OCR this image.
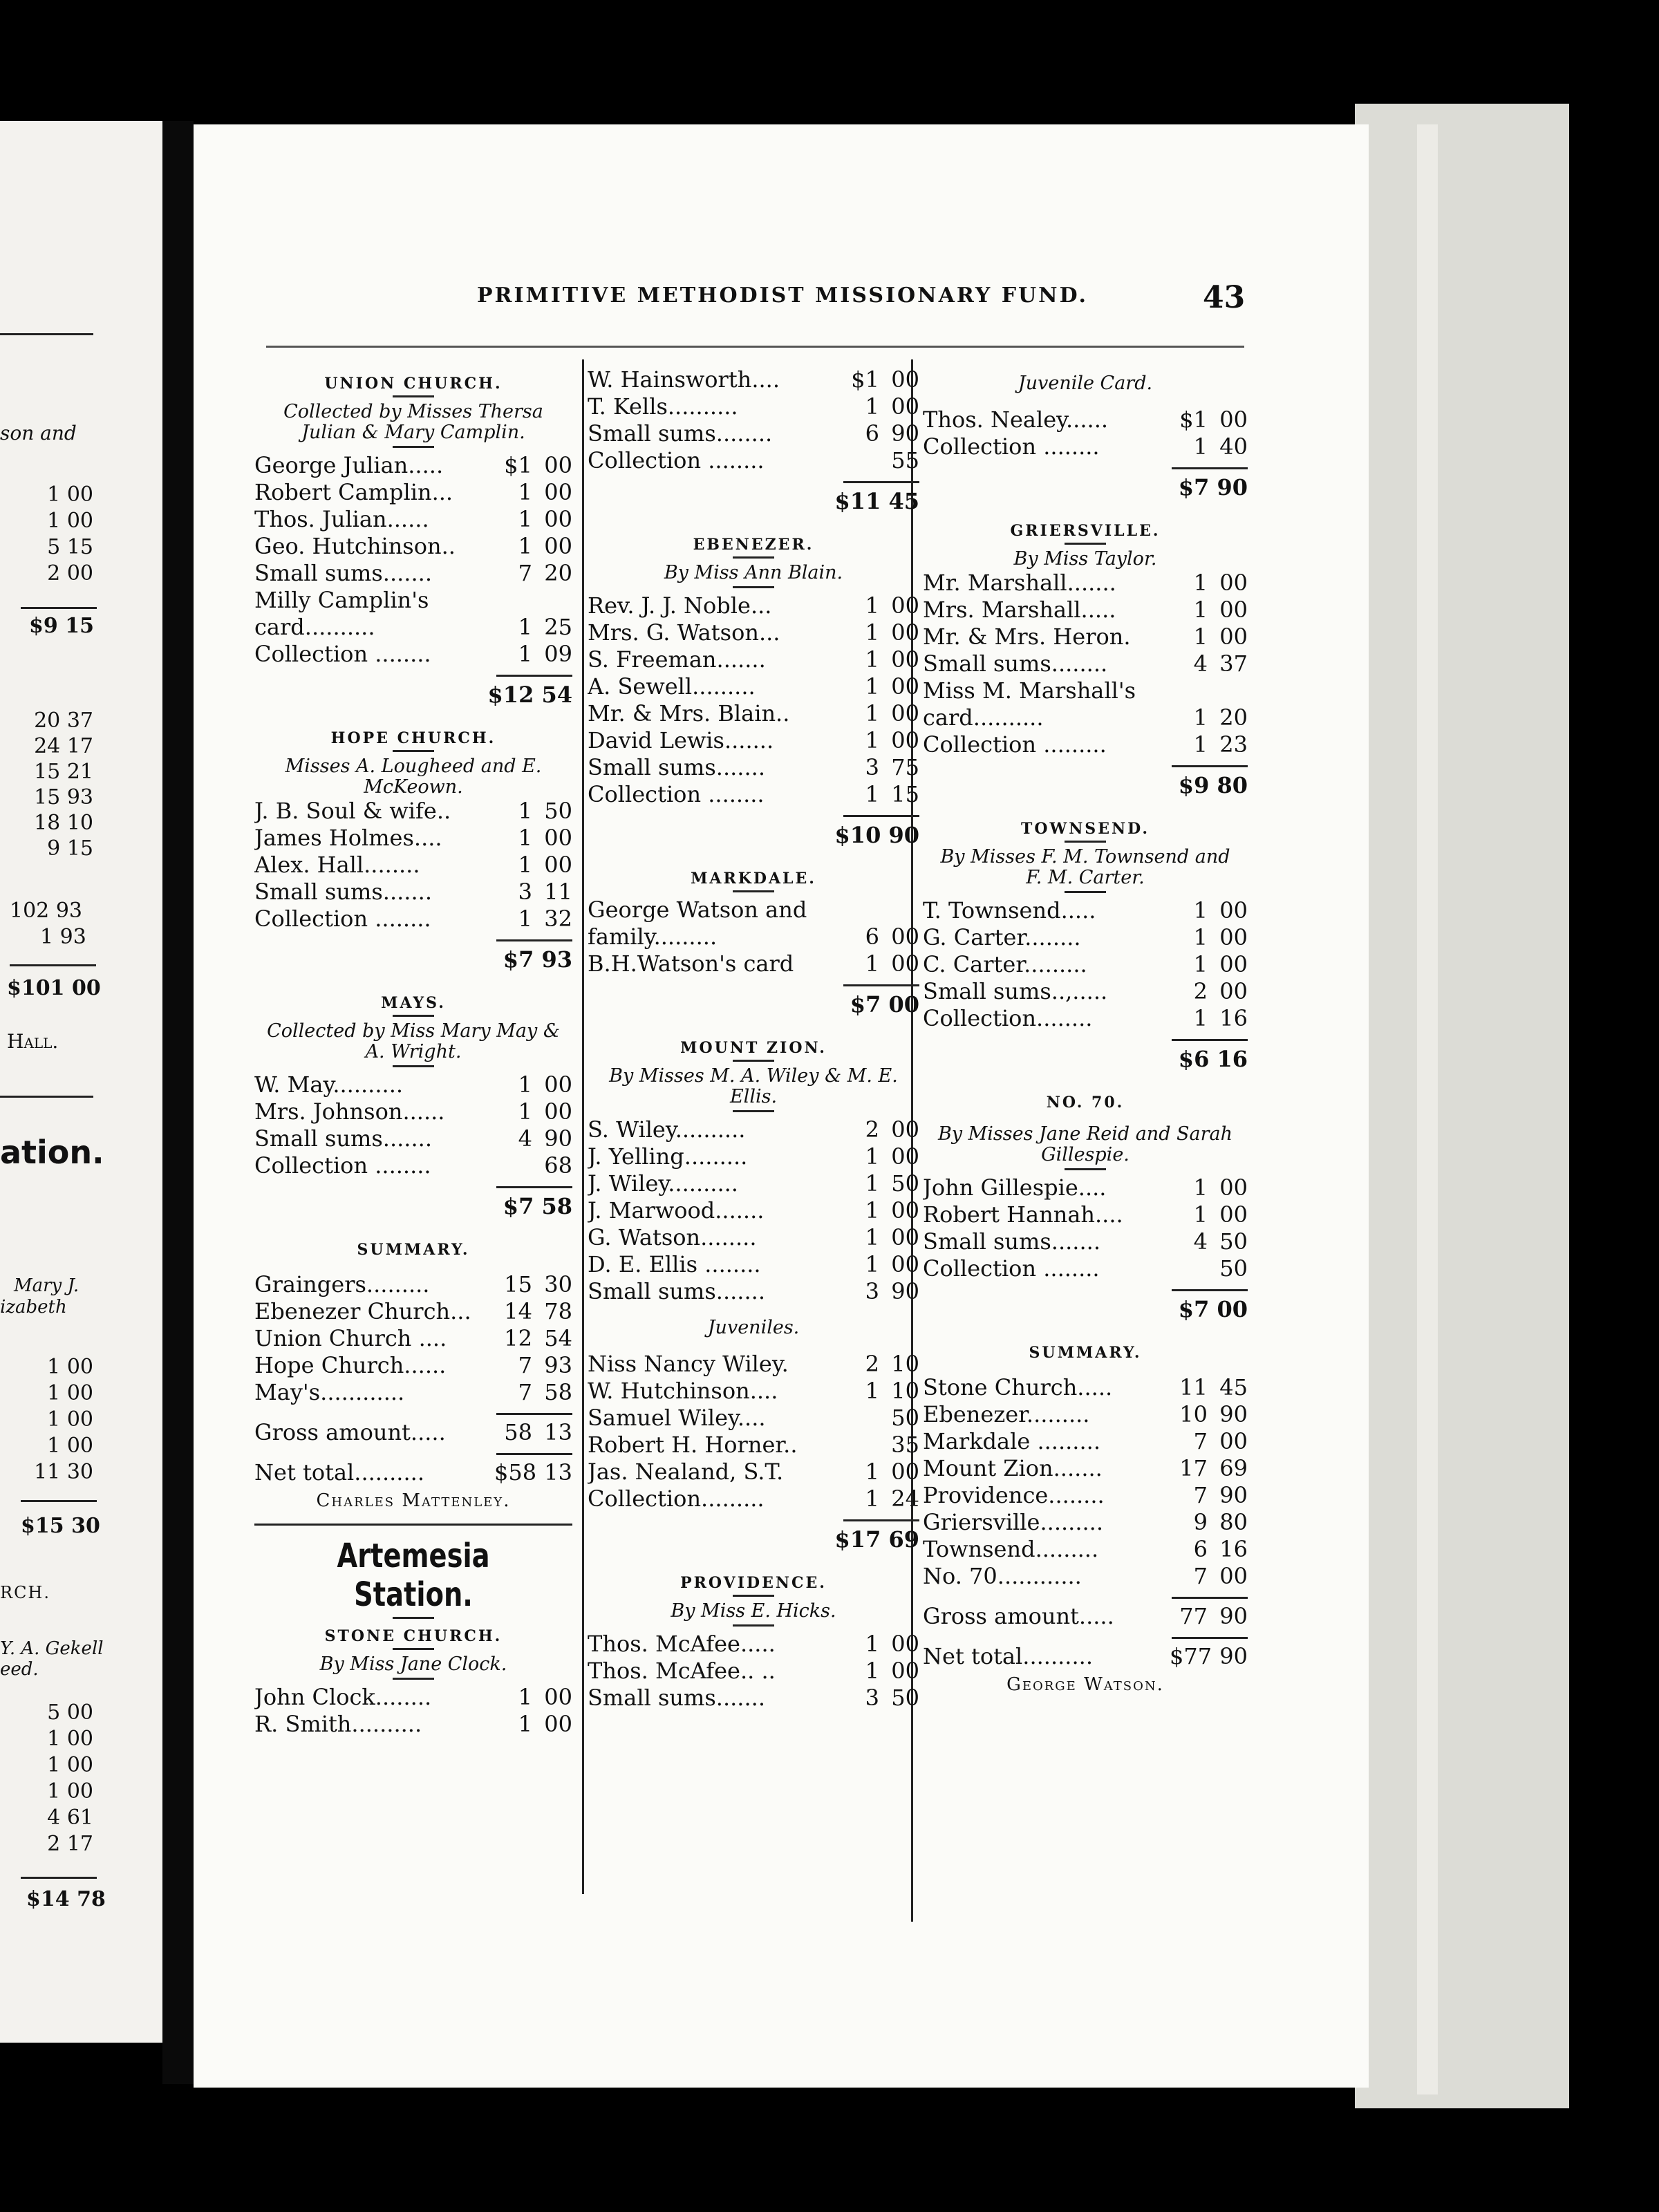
son and
1 00
1 00
5 15
2 00
$9 15
20 37
24 17
15 21
15 93
18 10
9 15
102 93
1 93
$101 00
Hall.
ation.
Mary J.
izabeth
1 00
1 00
1 00
1 00
11 30
$15 30
RCH.
Y. A. Gekell
eed.
5 00
1 00
1 00
1 00
4 61
2 17
$14 78
PRIMITIVE METHODIST MISSIONARY FUND.	43
UNION CHURCH.
Collected by Misses Thersa Julian & Mary Camplin.
George Julian.....	$1 00
Robert Camplin...	1 00
Thos. Julian......	1 00
Geo. Hutchinson..	1 00
Small sums.......	7 20
Milly Camplin's
card..........	1 25
Collection ........	1 09
$12 54
HOPE CHURCH.
Misses A. Lougheed and E. McKeown.
J. B. Soul & wife..	1 50
James Holmes....	1 00
Alex. Hall........	1 00
Small sums.......	3 11
Collection ........	1 32
$7 93
MAYS.
Collected by Miss Mary May & A. Wright.
W. May..........	1 00
Mrs. Johnson......	1 00
Small sums.......	4 90
Collection ........	68
$7 58
SUMMARY.
Graingers.........	15 30
Ebenezer Church...	14 78
Union Church ....	12 54
Hope Church......	7 93
May's............	7 58
Gross amount.....	58 13
Net total..........	$58 13
Charles Mattenley.
Artemesia Station.
STONE CHURCH.
By Miss Jane Clock.
John Clock........	1 00
R. Smith..........	1 00
W. Hainsworth....	$1 00
T. Kells..........	1 00
Small sums........	6 90
Collection ........	55
$11 45
EBENEZER.
By Miss Ann Blain.
Rev. J. J. Noble...	1 00
Mrs. G. Watson...	1 00
S. Freeman.......	1 00
A. Sewell.........	1 00
Mr. & Mrs. Blain..	1 00
David Lewis.......	1 00
Small sums.......	3 75
Collection ........	1 15
$10 90
MARKDALE.
George Watson and
family.........	6 00
B.H.Watson's card	1 00
$7 00
MOUNT ZION.
By Misses M. A. Wiley & M. E. Ellis.
S. Wiley..........	2 00
J. Yelling.........	1 00
J. Wiley..........	1 50
J. Marwood.......	1 00
G. Watson........	1 00
D. E. Ellis ........	1 00
Small sums.......	3 90
Juveniles.
Niss Nancy Wiley.	2 10
W. Hutchinson....	1 10
Samuel Wiley....	50
Robert H. Horner..	35
Jas. Nealand, S.T.	1 00
Collection.........	1 24
$17 69
PROVIDENCE.
By Miss E. Hicks.
Thos. McAfee.....	1 00
Thos. McAfee.. ..	1 00
Small sums.......	3 50
Juvenile Card.
Thos. Nealey......	$1 00
Collection ........	1 40
$7 90
GRIERSVILLE.
By Miss Taylor.
Mr. Marshall.......	1 00
Mrs. Marshall.....	1 00
Mr. & Mrs. Heron.	1 00
Small sums........	4 37
Miss M. Marshall's
card..........	1 20
Collection .........	1 23
$9 80
TOWNSEND.
By Misses F. M. Townsend and F. M. Carter.
T. Townsend.....	1 00
G. Carter........	1 00
C. Carter.........	1 00
Small sums..,.....	2 00
Collection........	1 16
$6 16
NO. 70.
By Misses Jane Reid and Sarah Gillespie.
John Gillespie....	1 00
Robert Hannah....	1 00
Small sums.......	4 50
Collection ........	50
$7 00
SUMMARY.
Stone Church.....	11 45
Ebenezer.........	10 90
Markdale .........	7 00
Mount Zion.......	17 69
Providence........	7 90
Griersville.........	9 80
Townsend.........	6 16
No. 70............	7 00
Gross amount.....	77 90
Net total..........	$77 90
George Watson.
